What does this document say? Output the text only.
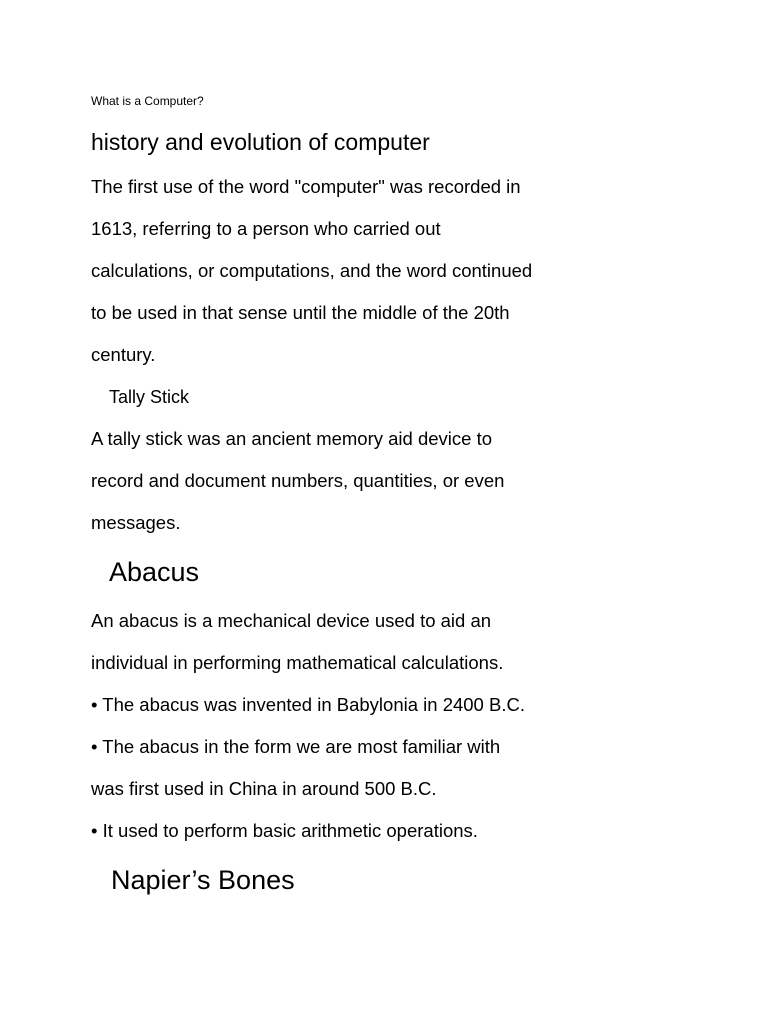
What is a Computer?

history and evolution of computer

The first use of the word "computer" was recorded in

1613, referring to a person who carried out

calculations, or computations, and the word continued

to be used in that sense until the middle of the 20th

century.

Tally Stick

A tally stick was an ancient memory aid device to

record and document numbers, quantities, or even

messages.

Abacus

An abacus is a mechanical device used to aid an

individual in performing mathematical calculations.

• The abacus was invented in Babylonia in 2400 B.C.

• The abacus in the form we are most familiar with

was first used in China in around 500 B.C.

• It used to perform basic arithmetic operations.

Napier’s Bones
